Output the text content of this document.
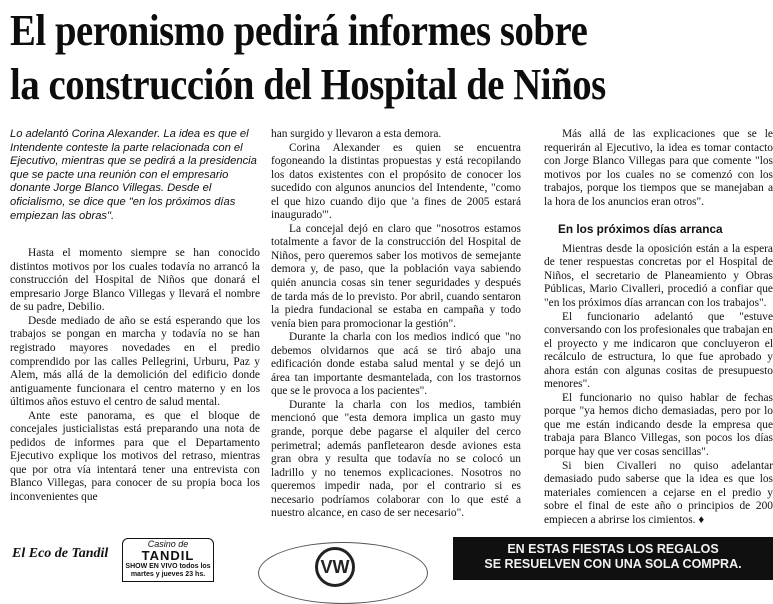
El peronismo pedirá informes sobre
la construcción del Hospital de Niños
Lo adelantó Corina Alexander. La idea es que el Intendente conteste la parte relacionada con el Ejecutivo, mientras que se pedirá a la presidencia que se pacte una reunión con el empresario donante Jorge Blanco Villegas. Desde el oficialismo, se dice que "en los próximos días empiezan las obras".

Hasta el momento siempre se han conocido distintos motivos por los cuales todavía no arrancó la construcción del Hospital de Niños que donará el empresario Jorge Blanco Villegas y llevará el nombre de su padre, Debilio.

Desde mediado de año se está esperando que los trabajos se pongan en marcha y todavía no se han registrado mayores novedades en el predio comprendido por las calles Pellegrini, Urburu, Paz y Alem, más allá de la demolición del edificio donde antiguamente funcionara el centro materno y en los últimos años estuvo el centro de salud mental.

Ante este panorama, es que el bloque de concejales justicialistas está preparando una nota de pedidos de informes para que el Departamento Ejecutivo explique los motivos del retraso, mientras que por otra vía intentará tener una entrevista con Blanco Villegas, para conocer de su propia boca los inconvenientes que

han surgido y llevaron a esta demora.

Corina Alexander es quien se encuentra fogoneando la distintas propuestas y está recopilando los datos existentes con el propósito de conocer los sucedido con algunos anuncios del Intendente, "como el que hizo cuando dijo que 'a fines de 2005 estará inaugurado'".

La concejal dejó en claro que "nosotros estamos totalmente a favor de la construcción del Hospital de Niños, pero queremos saber los motivos de semejante demora y, de paso, que la población vaya sabiendo quién anuncia cosas sin tener seguridades y después de tarda más de lo previsto. Por abril, cuando sentaron la piedra fundacional se estaba en campaña y todo venía bien para promocionar la gestión".

Durante la charla con los medios indicó que "no debemos olvidarnos que acá se tiró abajo una edificación donde estaba salud mental y se dejó un área tan importante desmantelada, con los trastornos que se le provoca a los pacientes".

Durante la charla con los medios, también mencionó que "esta demora implica un gasto muy grande, porque debe pagarse el alquiler del cerco perimetral; además panfletearon desde aviones esta gran obra y resulta que todavía no se colocó un ladrillo y no tenemos explicaciones. Nosotros no queremos impedir nada, por el contrario si es necesario podríamos colaborar con lo que esté a nuestro alcance, en caso de ser necesario".

Más allá de las explicaciones que se le requerirán al Ejecutivo, la idea es tomar contacto con Jorge Blanco Villegas para que comente "los motivos por los cuales no se comenzó con los trabajos, porque los tiempos que se manejaban a la hora de los anuncios eran otros".

En los próximos días arranca

Mientras desde la oposición están a la espera de tener respuestas concretas por el Hospital de Niños, el secretario de Planeamiento y Obras Públicas, Mario Civalleri, procedió a confiar que "en los próximos días arrancan con los trabajos".

El funcionario adelantó que "estuve conversando con los profesionales que trabajan en el proyecto y me indicaron que concluyeron el recálculo de estructura, lo que fue aprobado y ahora están con algunas cositas de presupuesto menores".

El funcionario no quiso hablar de fechas porque "ya hemos dicho demasiadas, pero por lo que me están indicando desde la empresa que trabaja para Blanco Villegas, son pocos los días porque hay que ver cosas sencillas".

Si bien Civalleri no quiso adelantar demasiado pudo saberse que la idea es que los materiales comiencen a cejarse en el predio y sobre el final de este año o principios de 200 empiecen a abrirse los cimientos. ♦

El Eco de Tandil
Casino de
TANDIL
SHOW EN VIVO todos los martes y jueves 23 hs.	VW
EN ESTAS FIESTAS LOS REGALOS
SE RESUELVEN CON UNA SOLA COMPRA.
